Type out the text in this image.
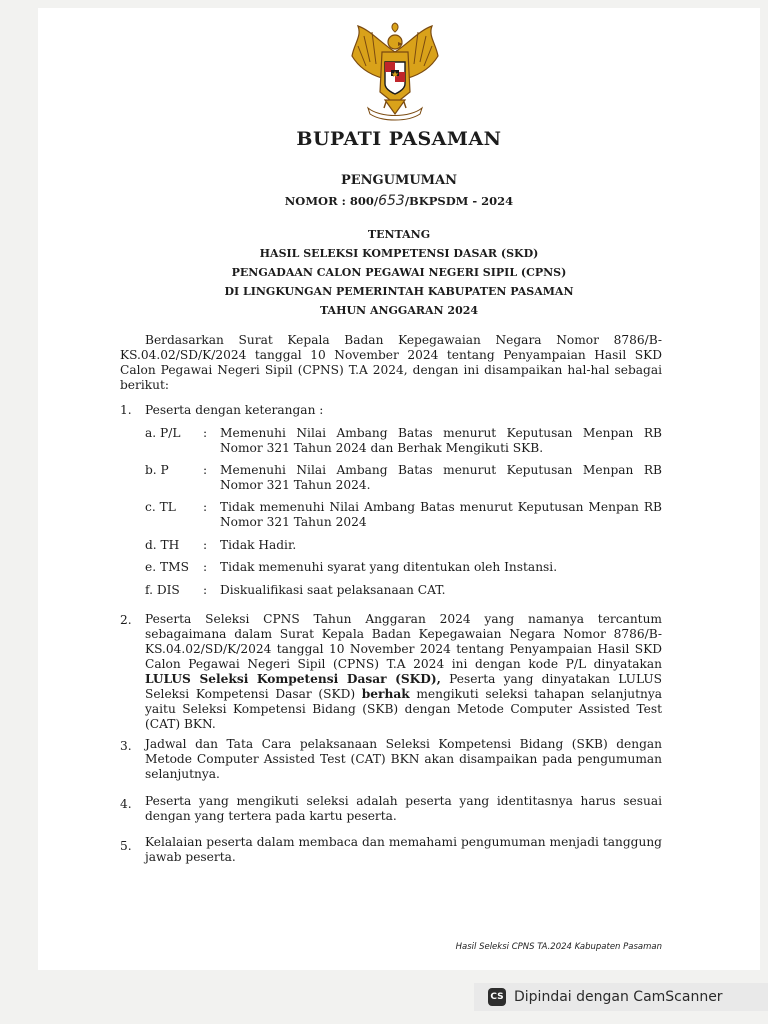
BUPATI PASAMAN
PENGUMUMAN
NOMOR : 800/653/BKPSDM - 2024
TENTANG
HASIL SELEKSI KOMPETENSI DASAR (SKD)
PENGADAAN CALON PEGAWAI NEGERI SIPIL (CPNS)
DI LINGKUNGAN PEMERINTAH KABUPATEN PASAMAN
TAHUN ANGGARAN 2024
Berdasarkan Surat Kepala Badan Kepegawaian Negara Nomor 8786/B-KS.04.02/SD/K/2024 tanggal 10 November 2024 tentang Penyampaian Hasil SKD Calon Pegawai Negeri Sipil (CPNS) T.A 2024, dengan ini disampaikan hal-hal sebagai berikut:
1. Peserta dengan keterangan :
a. P/L : Memenuhi Nilai Ambang Batas menurut Keputusan Menpan RB Nomor 321 Tahun 2024 dan Berhak Mengikuti SKB.
b. P	: Memenuhi Nilai Ambang Batas menurut Keputusan Menpan RB Nomor 321 Tahun 2024.
c. TL : Tidak memenuhi Nilai Ambang Batas menurut Keputusan Menpan RB Nomor 321 Tahun 2024
d. TH : Tidak Hadir.
e. TMS : Tidak memenuhi syarat yang ditentukan oleh Instansi.
f. DIS : Diskualifikasi saat pelaksanaan CAT.
2. Peserta Seleksi CPNS Tahun Anggaran 2024 yang namanya tercantum sebagaimana dalam Surat Kepala Badan Kepegawaian Negara Nomor 8786/B-KS.04.02/SD/K/2024 tanggal 10 November 2024 tentang Penyampaian Hasil SKD Calon Pegawai Negeri Sipil (CPNS) T.A 2024 ini dengan kode P/L dinyatakan LULUS Seleksi Kompetensi Dasar (SKD), Peserta yang dinyatakan LULUS Seleksi Kompetensi Dasar (SKD) berhak mengikuti seleksi tahapan selanjutnya yaitu Seleksi Kompetensi Bidang (SKB) dengan Metode Computer Assisted Test (CAT) BKN.
3. Jadwal dan Tata Cara pelaksanaan Seleksi Kompetensi Bidang (SKB) dengan Metode Computer Assisted Test (CAT) BKN akan disampaikan pada pengumuman selanjutnya.
4. Peserta yang mengikuti seleksi adalah peserta yang identitasnya harus sesuai dengan yang tertera pada kartu peserta.
5. Kelalaian peserta dalam membaca dan memahami pengumuman menjadi tanggung jawab peserta.
Hasil Seleksi CPNS TA.2024 Kabupaten Pasaman
CS Dipindai dengan CamScanner
